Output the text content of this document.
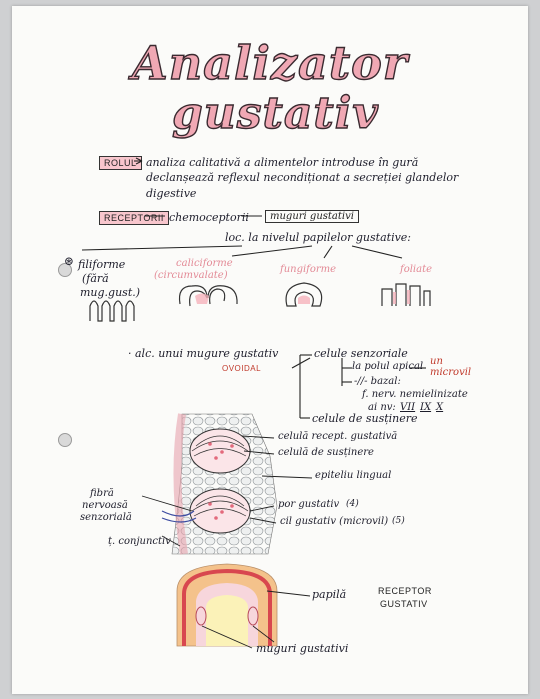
Analizator
gustativ
ROLUL analiza calitativă a alimentelor introduse în gură
declanșează reflexul necondiționat a secreției glandelor
digestive
RECEPTORII chemoceptorii	muguri gustativi
loc. la nivelul papilelor gustative:
⊛ filiforme
(fără
mug.gust.)
caliciforme
(circumvalate)
fungiforme	foliate
· alc. unui mugure gustativ
OVOIDAL
celule senzoriale
la polul apical un microvil
-//- bazal:
f. nerv. nemielinizate
ai nv: VII IX X
celule de susținere
celulă recept. gustativă
celulă de susținere
epiteliu lingual
fibră
nervoasă
senzorială
ț. conjunctiv
por gustativ (4)
cil gustativ (microvil) (5)
papilă	RECEPTOR
GUSTATIV
muguri gustativi
